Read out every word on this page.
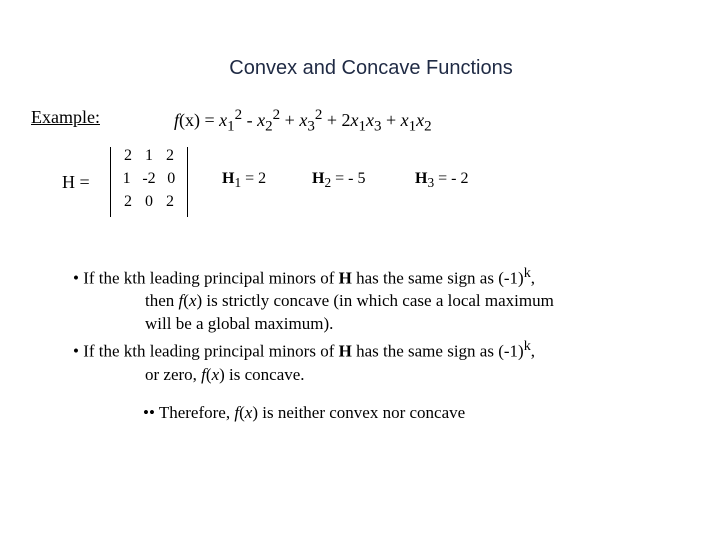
Convex and Concave Functions
Example:	$f(x) = x_1^2 - x_2^2 + x_3^2 + 2x_1x_3 + x_1x_2$
H =
2 1 2
1 -2 0
2 0 2
$H_1 = 2$	$H_2$ = - 5	$H_3$ = - 2
• If the kth leading principal minors of H has the same sign as $(-1)^k$,
then f(x) is strictly concave (in which case a local maximum
will be a global maximum).
• If the kth leading principal minors of H has the same sign as $(-1)^k$,
or zero, f(x) is concave.
•• Therefore, f(x) is neither convex nor concave
